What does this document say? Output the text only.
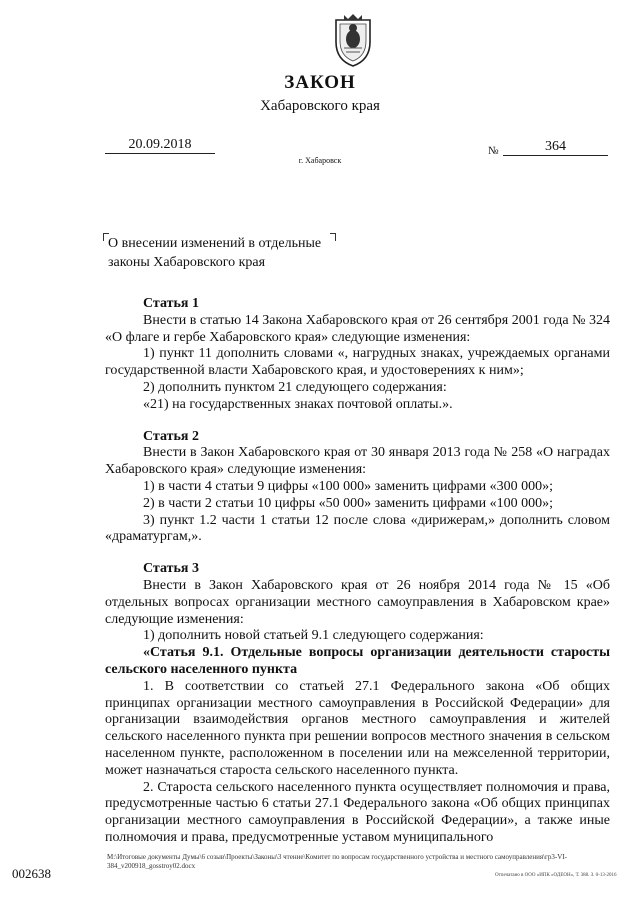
ЗАКОН
Хабаровского края
20.09.2018
г. Хабаровск
№	364
О внесении изменений в отдельные
законы Хабаровского края

Статья 1

Внести в статью 14 Закона Хабаровского края от 26 сентября 2001 года № 324 «О флаге и гербе Хабаровского края» следующие изменения:

1) пункт 11 дополнить словами «, нагрудных знаках, учреждаемых органами государственной власти Хабаровского края, и удостоверениях к ним»;

2) дополнить пунктом 21 следующего содержания:

«21) на государственных знаках почтовой оплаты.».

Статья 2

Внести в Закон Хабаровского края от 30 января 2013 года № 258 «О наградах Хабаровского края» следующие изменения:

1) в части 4 статьи 9 цифры «100 000» заменить цифрами «300 000»;

2) в части 2 статьи 10 цифры «50 000» заменить цифрами «100 000»;

3) пункт 1.2 части 1 статьи 12 после слова «дирижерам,» дополнить словом «драматургам,».

Статья 3

Внести в Закон Хабаровского края от 26 ноября 2014 года № 15 «Об отдельных вопросах организации местного самоуправления в Хабаровском крае» следующие изменения:

1) дополнить новой статьей 9.1 следующего содержания:

«Статья 9.1. Отдельные вопросы организации деятельности старосты сельского населенного пункта

1. В соответствии со статьей 27.1 Федерального закона «Об общих принципах организации местного самоуправления в Российской Федерации» для организации взаимодействия органов местного самоуправления и жителей сельского населенного пункта при решении вопросов местного значения в сельском населенном пункте, расположенном в поселении или на межселенной территории, может назначаться староста сельского населенного пункта.

2. Староста сельского населенного пункта осуществляет полномочия и права, предусмотренные частью 6 статьи 27.1 Федерального закона «Об общих принципах организации местного самоуправления в Российской Федерации», а также иные полномочия и права, предусмотренные уставом муниципального

M:\Итоговые документы Думы\6 созыв\Проекты\Законы\3 чтение\Комитет по вопросам государственного устройства и местного самоуправления\гр3-VI-384_v200918_gosstroy02.docx
002638	Отпечатано в ООО «ИПК «ОДЕОН», Т. 388. З. 0-13-2016
